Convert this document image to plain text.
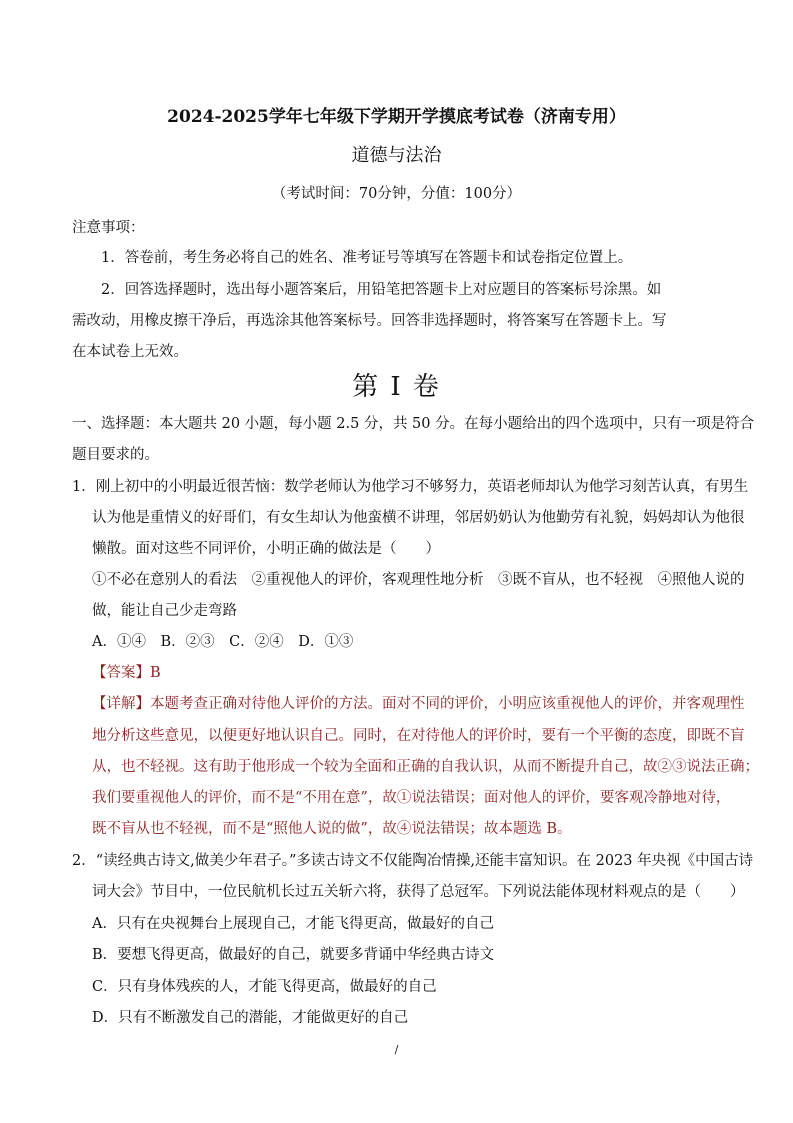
2024-2025学年七年级下学期开学摸底考试卷（济南专用）
道德与法治
（考试时间：70分钟，分值：100分）
注意事项：
1．答卷前，考生务必将自己的姓名、准考证号等填写在答题卡和试卷指定位置上。
2．回答选择题时，选出每小题答案后，用铅笔把答题卡上对应题目的答案标号涂黑。如
需改动，用橡皮擦干净后，再选涂其他答案标号。回答非选择题时，将答案写在答题卡上。写
在本试卷上无效。
第 I 卷
一、选择题：本大题共 20 小题，每小题 2.5 分，共 50 分。在每小题给出的四个选项中，只有一项是符合
题目要求的。
1．刚上初中的小明最近很苦恼：数学老师认为他学习不够努力，英语老师却认为他学习刻苦认真，有男生
认为他是重情义的好哥们，有女生却认为他蛮横不讲理，邻居奶奶认为他勤劳有礼貌，妈妈却认为他很
懒散。面对这些不同评价，小明正确的做法是（　　）
①不必在意别人的看法　②重视他人的评价，客观理性地分析　③既不盲从，也不轻视　④照他人说的
做，能让自己少走弯路
A．①④　B．②③　C．②④　D．①③
【答案】B
【详解】本题考查正确对待他人评价的方法。面对不同的评价，小明应该重视他人的评价，并客观理性
地分析这些意见，以便更好地认识自己。同时，在对待他人的评价时，要有一个平衡的态度，即既不盲
从，也不轻视。这有助于他形成一个较为全面和正确的自我认识，从而不断提升自己，故②③说法正确；
我们要重视他人的评价，而不是“不用在意”，故①说法错误；面对他人的评价，要客观冷静地对待，
既不盲从也不轻视，而不是“照他人说的做”，故④说法错误；故本题选 B。
2．“读经典古诗文,做美少年君子。”多读古诗文不仅能陶冶情操,还能丰富知识。在 2023 年央视《中国古诗
词大会》节目中，一位民航机长过五关斩六将，获得了总冠军。下列说法能体现材料观点的是（　　）
A．只有在央视舞台上展现自己，才能飞得更高，做最好的自己
B．要想飞得更高，做最好的自己，就要多背诵中华经典古诗文
C．只有身体残疾的人，才能飞得更高，做最好的自己
D．只有不断激发自己的潜能，才能做更好的自己
/
